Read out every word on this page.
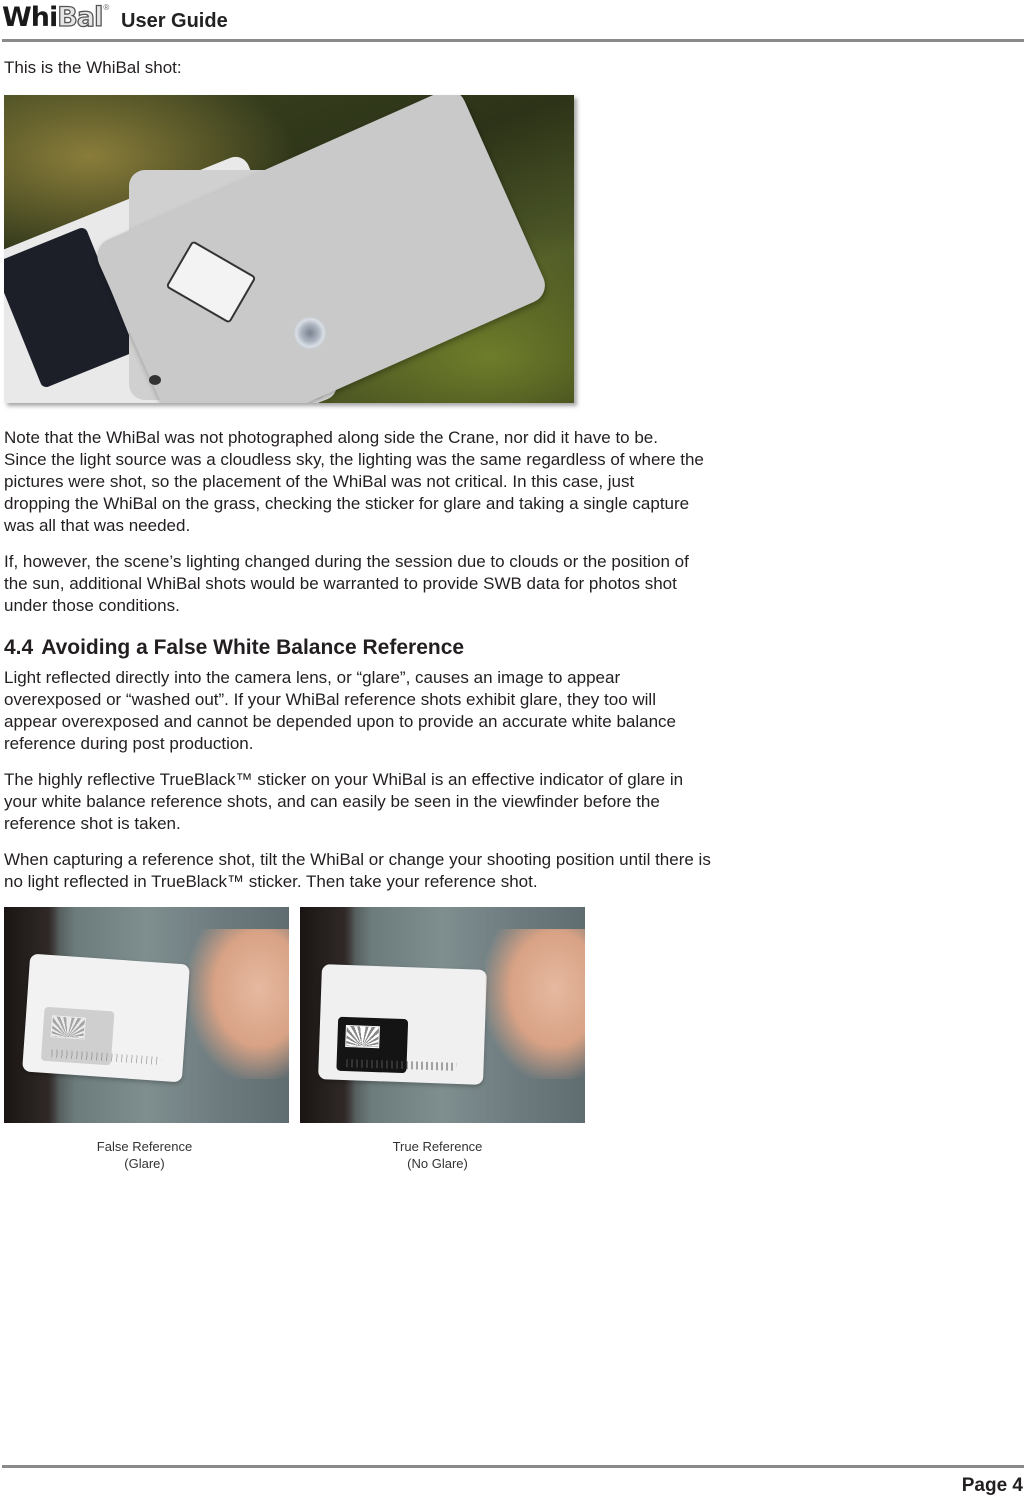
Whi Bal ®
User Guide

This is the WhiBal shot:

Note that the WhiBal was not photographed along side the Crane, nor did it have to be. Since the light source was a cloudless sky, the lighting was the same regardless of where the pictures were shot, so the placement of the WhiBal was not critical. In this case, just dropping the WhiBal on the grass, checking the sticker for glare and taking a single capture was all that was needed.

If, however, the scene’s lighting changed during the session due to clouds or the position of the sun, additional WhiBal shots would be warranted to provide SWB data for photos shot under those conditions.

4.4 Avoiding a False White Balance Reference

Light reflected directly into the camera lens, or “glare”, causes an image to appear overexposed or “washed out”. If your WhiBal reference shots exhibit glare, they too will appear overexposed and cannot be depended upon to provide an accurate white balance reference during post production.

The highly reflective TrueBlack™ sticker on your WhiBal is an effective indicator of glare in your white balance reference shots, and can easily be seen in the viewfinder before the reference shot is taken.

When capturing a reference shot, tilt the WhiBal or change your shooting position until there is no light reflected in TrueBlack™ sticker. Then take your reference shot.

False Reference
(Glare)

True Reference
(No Glare)

Page 4
